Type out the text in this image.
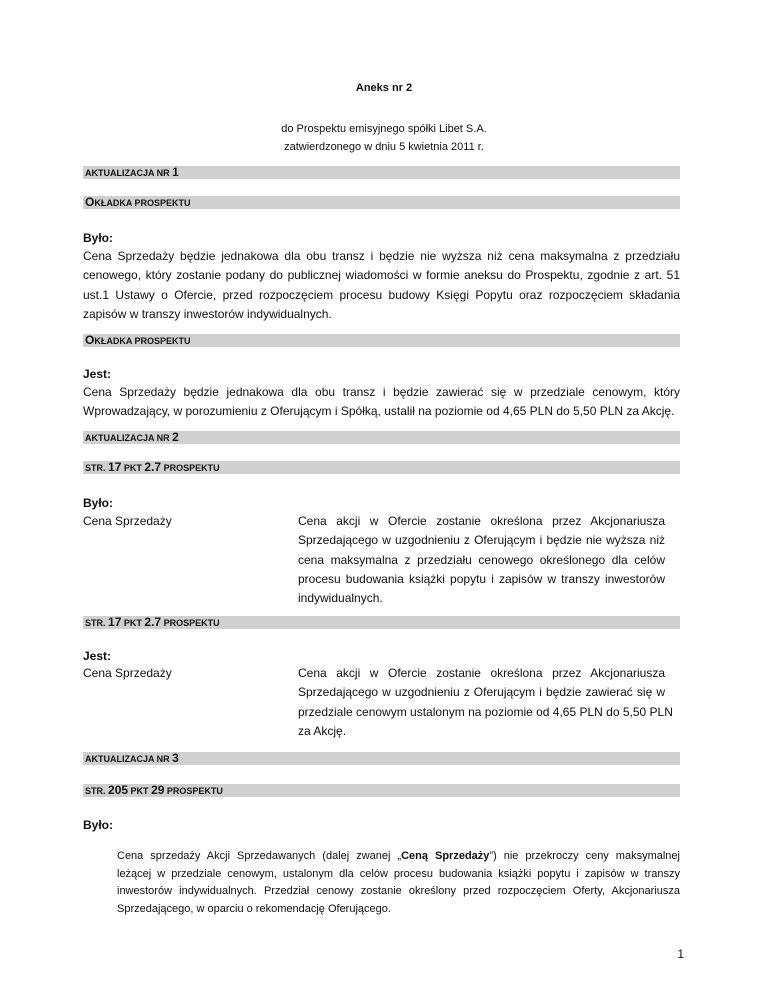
Aneks nr 2
do Prospektu emisyjnego spółki Libet S.A.
zatwierdzonego w dniu 5 kwietnia 2011 r.
AKTUALIZACJA NR 1
OKŁADKA PROSPEKTU
Było:
Cena Sprzedaży będzie jednakowa dla obu transz i będzie nie wyższa niż cena maksymalna z przedziału
cenowego, który zostanie podany do publicznej wiadomości w formie aneksu do Prospektu, zgodnie z art. 51
ust.1 Ustawy o Ofercie, przed rozpoczęciem procesu budowy Księgi Popytu oraz rozpoczęciem składania
zapisów w transzy inwestorów indywidualnych.
OKŁADKA PROSPEKTU
Jest:
Cena Sprzedaży będzie jednakowa dla obu transz i będzie zawierać się w przedziale cenowym, który
Wprowadzający, w porozumieniu z Oferującym i Spółką, ustalił na poziomie od 4,65 PLN do 5,50 PLN za Akcję.
AKTUALIZACJA NR 2
STR. 17 PKT 2.7 PROSPEKTU
Było:
Cena Sprzedaży	Cena akcji w Ofercie zostanie określona przez Akcjonariusza
Sprzedającego w uzgodnieniu z Oferującym i będzie nie wyższa niż
cena maksymalna z przedziału cenowego określonego dla celów
procesu budowania książki popytu i zapisów w transzy inwestorów
indywidualnych.
STR. 17 PKT 2.7 PROSPEKTU
Jest:
Cena Sprzedaży	Cena akcji w Ofercie zostanie określona przez Akcjonariusza
Sprzedającego w uzgodnieniu z Oferującym i będzie zawierać się w
przedziale cenowym ustalonym na poziomie od 4,65 PLN do 5,50 PLN
za Akcję.
AKTUALIZACJA NR 3
STR. 205 PKT 29 PROSPEKTU
Było:
Cena sprzedaży Akcji Sprzedawanych (dalej zwanej „Ceną Sprzedaży”) nie przekroczy ceny maksymalnej
leżącej w przedziale cenowym, ustalonym dla celów procesu budowania książki popytu i zapisów w transzy
inwestorów indywidualnych. Przedział cenowy zostanie określony przed rozpoczęciem Oferty, Akcjonariusza
Sprzedającego, w oparciu o rekomendację Oferującego.
1
